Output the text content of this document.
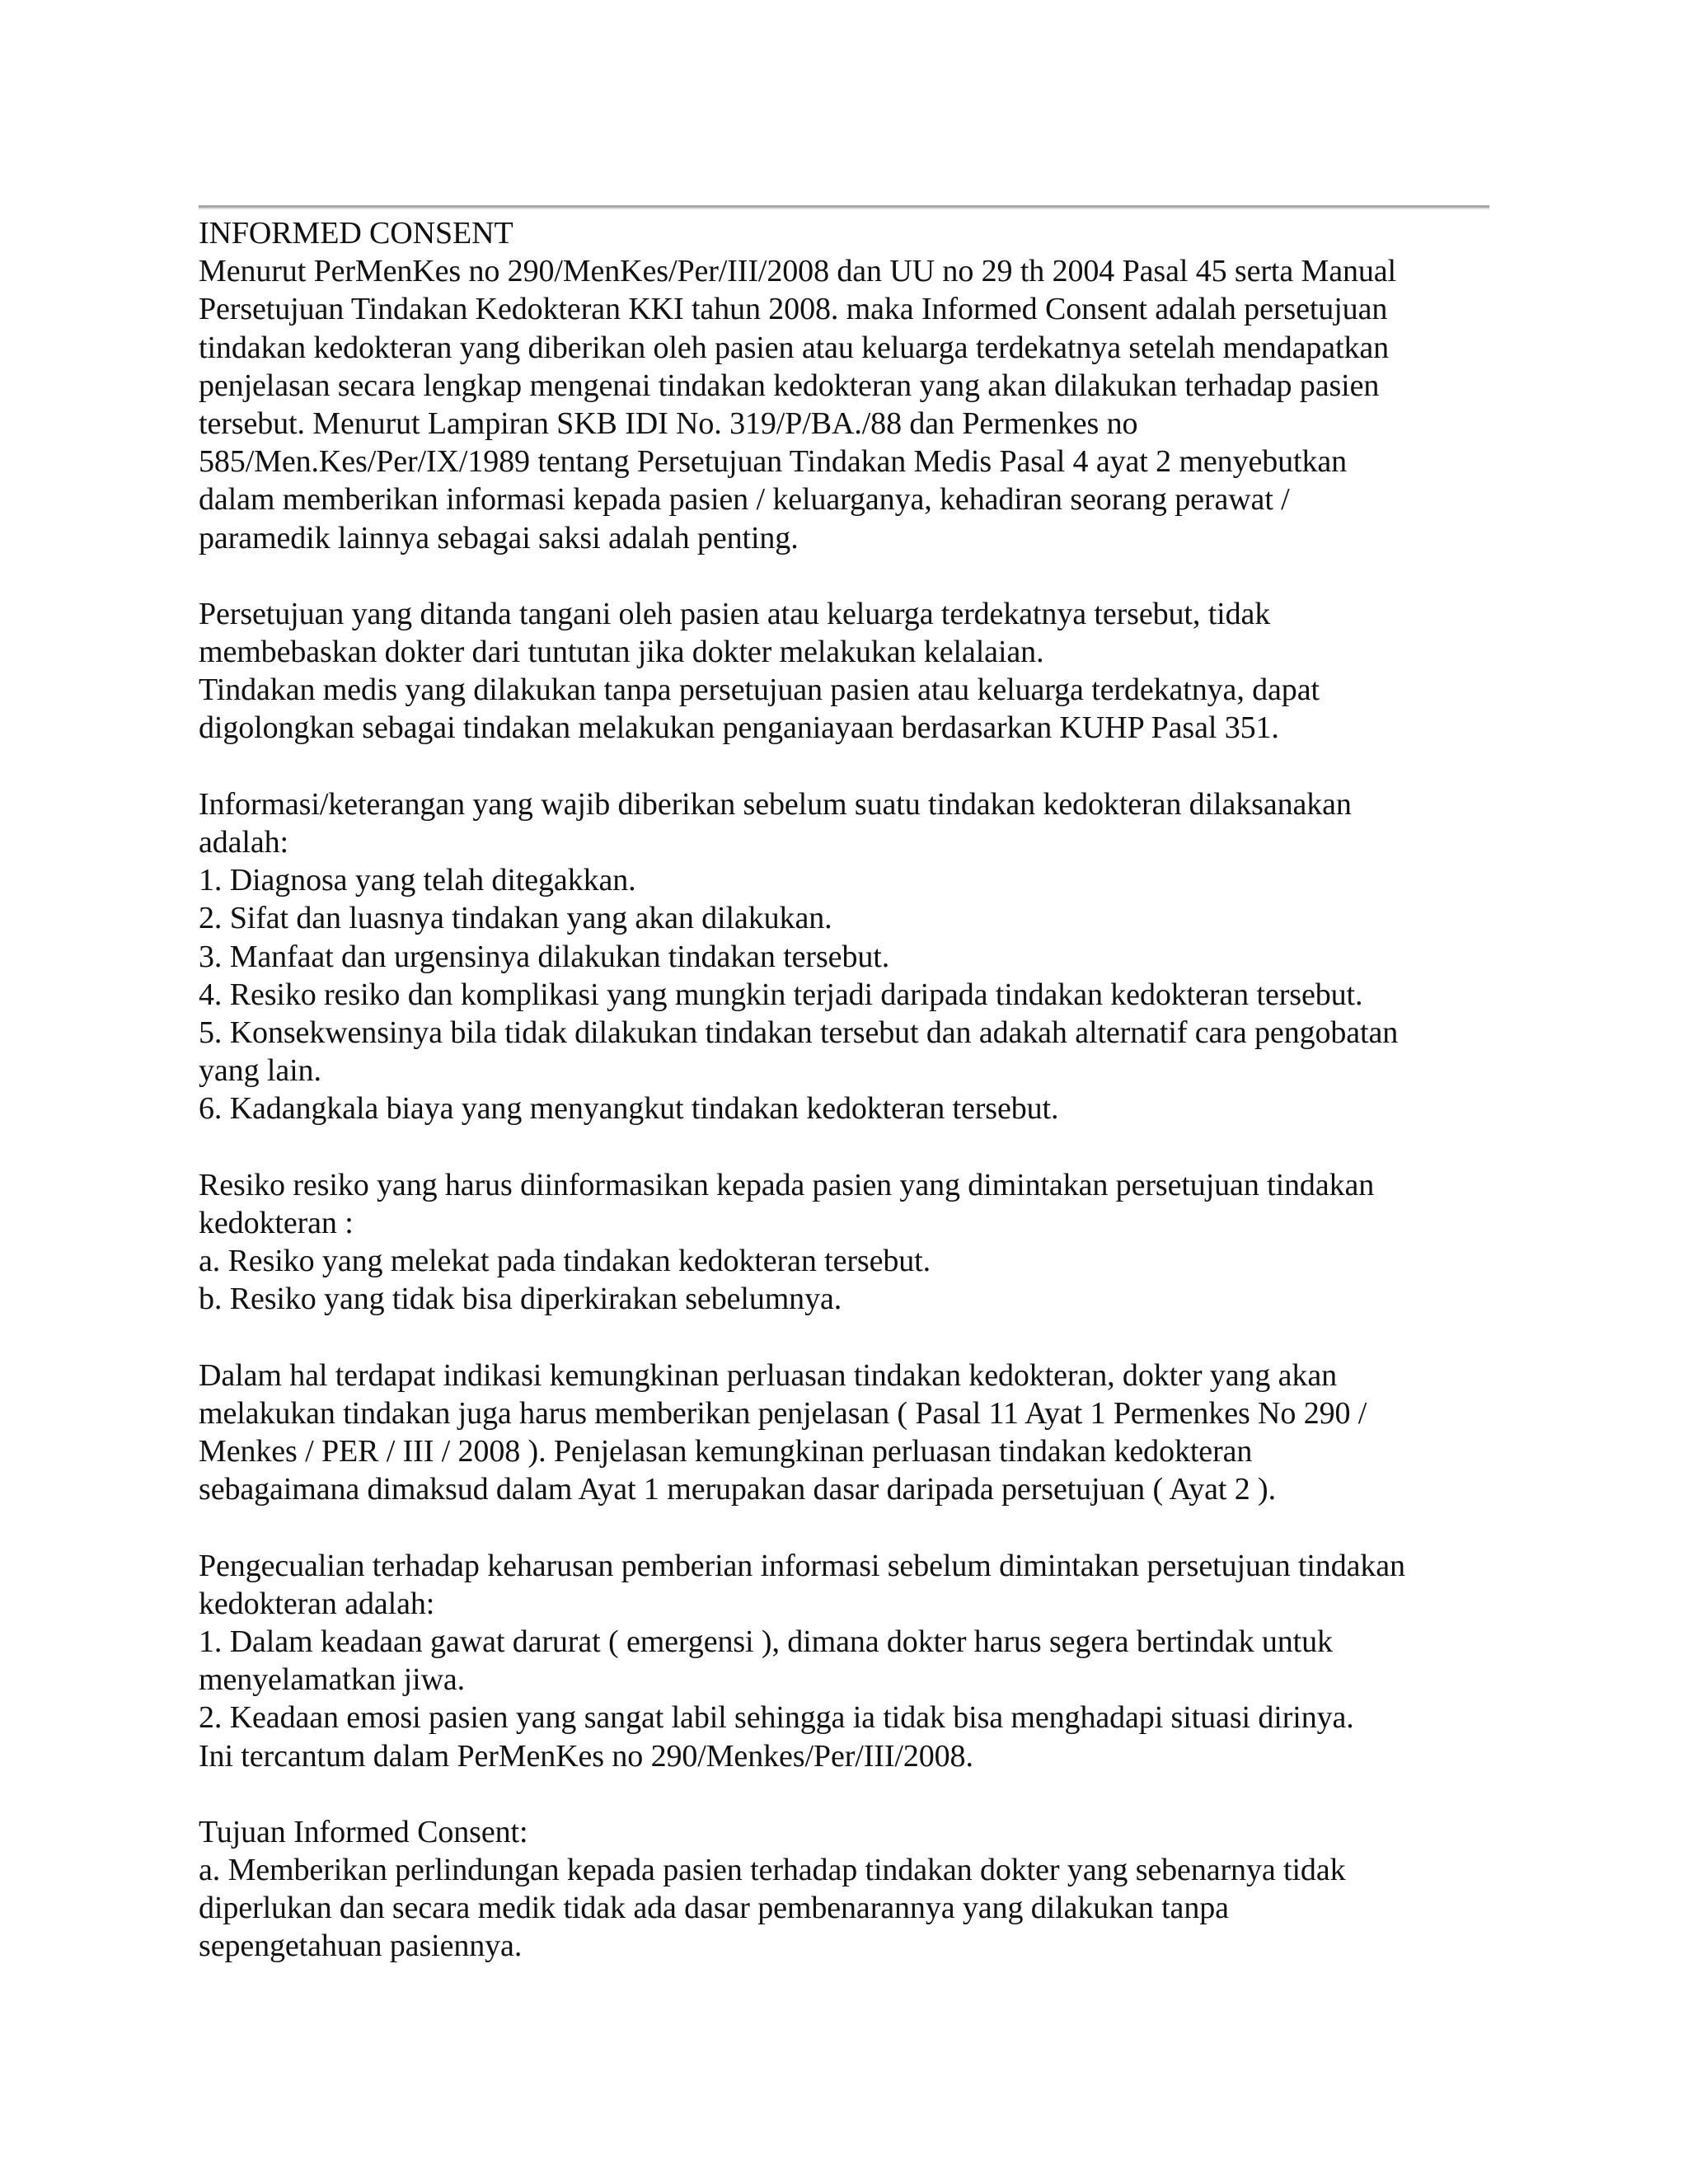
INFORMED CONSENT
Menurut PerMenKes no 290/MenKes/Per/III/2008 dan UU no 29 th 2004 Pasal 45 serta Manual
Persetujuan Tindakan Kedokteran KKI tahun 2008. maka Informed Consent adalah persetujuan
tindakan kedokteran yang diberikan oleh pasien atau keluarga terdekatnya setelah mendapatkan
penjelasan secara lengkap mengenai tindakan kedokteran yang akan dilakukan terhadap pasien
tersebut. Menurut Lampiran SKB IDI No. 319/P/BA./88 dan Permenkes no
585/Men.Kes/Per/IX/1989 tentang Persetujuan Tindakan Medis Pasal 4 ayat 2 menyebutkan
dalam memberikan informasi kepada pasien / keluarganya, kehadiran seorang perawat /
paramedik lainnya sebagai saksi adalah penting.
Persetujuan yang ditanda tangani oleh pasien atau keluarga terdekatnya tersebut, tidak
membebaskan dokter dari tuntutan jika dokter melakukan kelalaian.
Tindakan medis yang dilakukan tanpa persetujuan pasien atau keluarga terdekatnya, dapat
digolongkan sebagai tindakan melakukan penganiayaan berdasarkan KUHP Pasal 351.
Informasi/keterangan yang wajib diberikan sebelum suatu tindakan kedokteran dilaksanakan
adalah:
1. Diagnosa yang telah ditegakkan.
2. Sifat dan luasnya tindakan yang akan dilakukan.
3. Manfaat dan urgensinya dilakukan tindakan tersebut.
4. Resiko resiko dan komplikasi yang mungkin terjadi daripada tindakan kedokteran tersebut.
5. Konsekwensinya bila tidak dilakukan tindakan tersebut dan adakah alternatif cara pengobatan
yang lain.
6. Kadangkala biaya yang menyangkut tindakan kedokteran tersebut.
Resiko resiko yang harus diinformasikan kepada pasien yang dimintakan persetujuan tindakan
kedokteran :
a. Resiko yang melekat pada tindakan kedokteran tersebut.
b. Resiko yang tidak bisa diperkirakan sebelumnya.
Dalam hal terdapat indikasi kemungkinan perluasan tindakan kedokteran, dokter yang akan
melakukan tindakan juga harus memberikan penjelasan ( Pasal 11 Ayat 1 Permenkes No 290 /
Menkes / PER / III / 2008 ). Penjelasan kemungkinan perluasan tindakan kedokteran
sebagaimana dimaksud dalam Ayat 1 merupakan dasar daripada persetujuan ( Ayat 2 ).
Pengecualian terhadap keharusan pemberian informasi sebelum dimintakan persetujuan tindakan
kedokteran adalah:
1. Dalam keadaan gawat darurat ( emergensi ), dimana dokter harus segera bertindak untuk
menyelamatkan jiwa.
2. Keadaan emosi pasien yang sangat labil sehingga ia tidak bisa menghadapi situasi dirinya.
Ini tercantum dalam PerMenKes no 290/Menkes/Per/III/2008.
Tujuan Informed Consent:
a. Memberikan perlindungan kepada pasien terhadap tindakan dokter yang sebenarnya tidak
diperlukan dan secara medik tidak ada dasar pembenarannya yang dilakukan tanpa
sepengetahuan pasiennya.
